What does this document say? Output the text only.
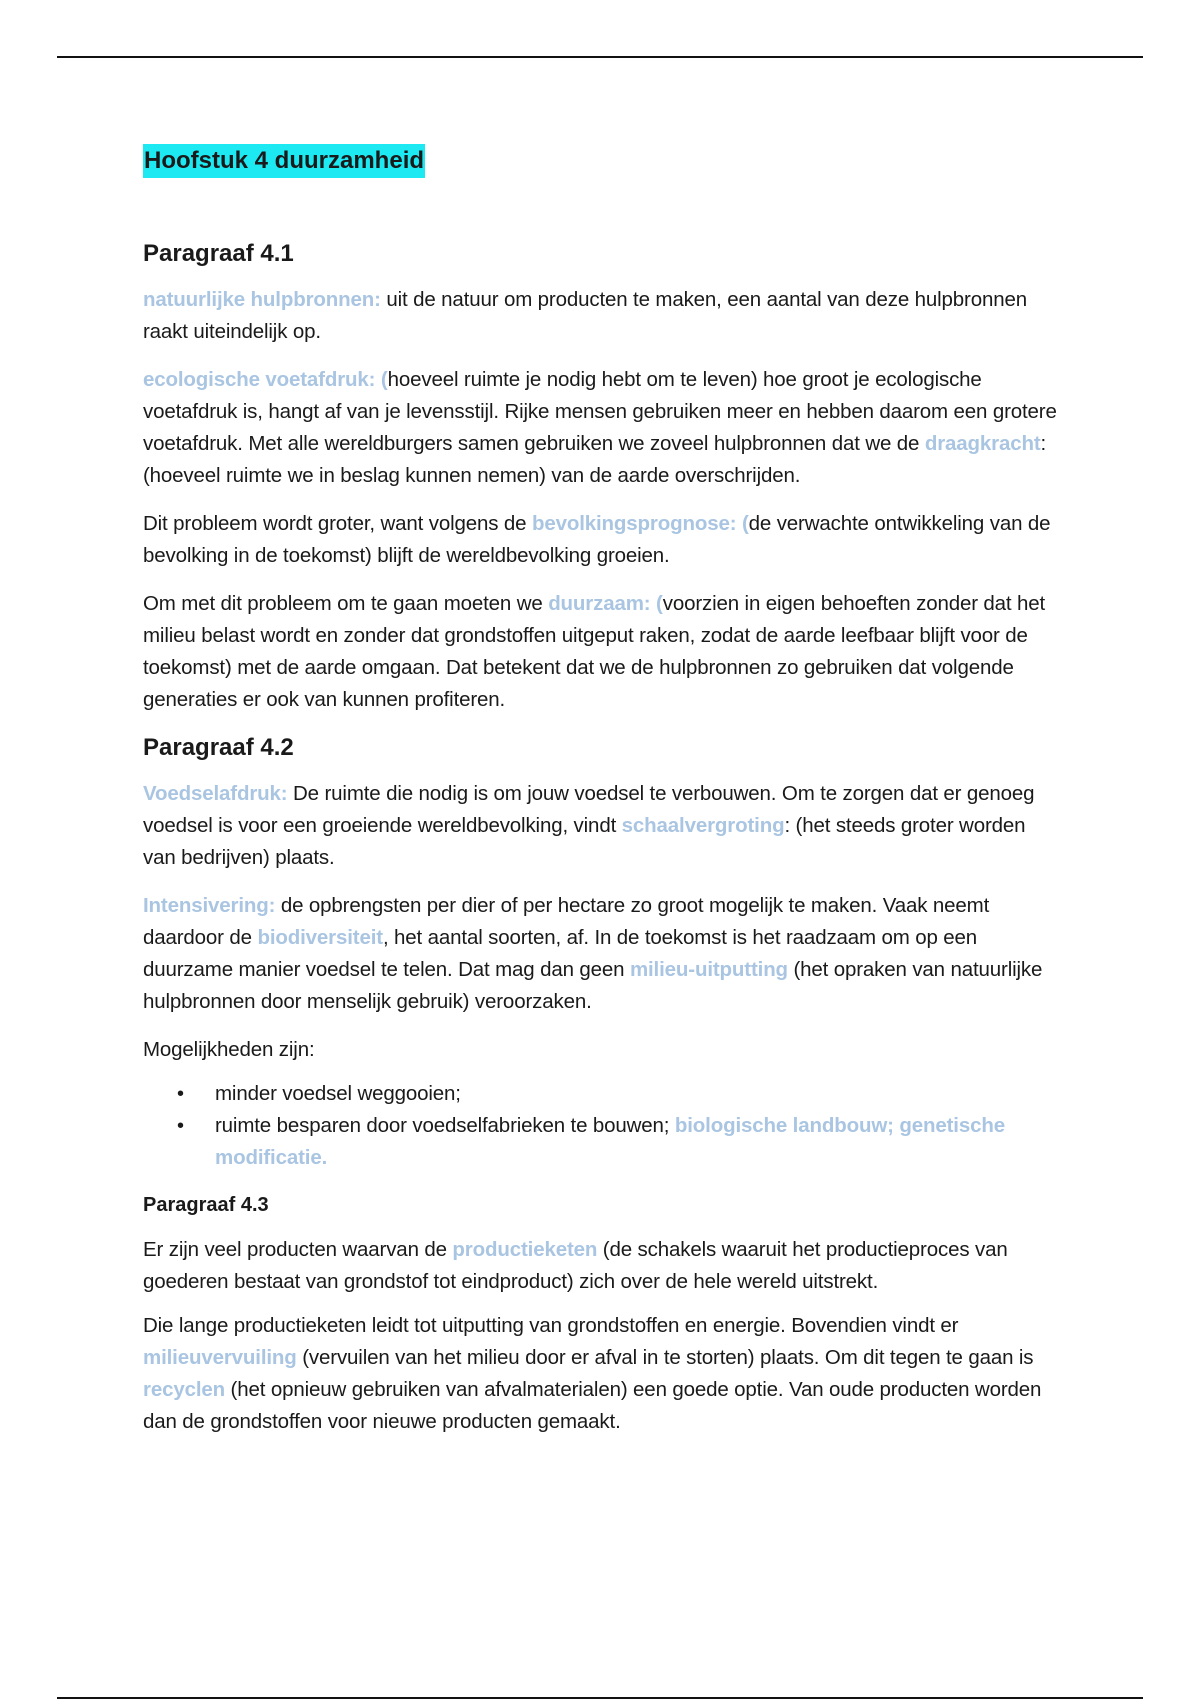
Hoofstuk 4 duurzamheid
Paragraaf 4.1

natuurlijke hulpbronnen: uit de natuur om producten te maken, een aantal van deze hulpbronnen raakt uiteindelijk op.

ecologische voetafdruk: (hoeveel ruimte je nodig hebt om te leven) hoe groot je ecologische voetafdruk is, hangt af van je levensstijl. Rijke mensen gebruiken meer en hebben daarom een grotere voetafdruk. Met alle wereldburgers samen gebruiken we zoveel hulpbronnen dat we de draagkracht: (hoeveel ruimte we in beslag kunnen nemen) van de aarde overschrijden.

Dit probleem wordt groter, want volgens de bevolkingsprognose: (de verwachte ontwikkeling van de bevolking in de toekomst) blijft de wereldbevolking groeien.

Om met dit probleem om te gaan moeten we duurzaam: (voorzien in eigen behoeften zonder dat het milieu belast wordt en zonder dat grondstoffen uitgeput raken, zodat de aarde leefbaar blijft voor de toekomst) met de aarde omgaan. Dat betekent dat we de hulpbronnen zo gebruiken dat volgende generaties er ook van kunnen profiteren.

Paragraaf 4.2

Voedselafdruk: De ruimte die nodig is om jouw voedsel te verbouwen. Om te zorgen dat er genoeg voedsel is voor een groeiende wereldbevolking, vindt schaalvergroting: (het steeds groter worden van bedrijven) plaats.

Intensivering: de opbrengsten per dier of per hectare zo groot mogelijk te maken. Vaak neemt daardoor de biodiversiteit, het aantal soorten, af. In de toekomst is het raadzaam om op een duurzame manier voedsel te telen. Dat mag dan geen milieu-uitputting (het opraken van natuurlijke hulpbronnen door menselijk gebruik) veroorzaken.

Mogelijkheden zijn:

• minder voedsel weggooien;
• ruimte besparen door voedselfabrieken te bouwen; biologische landbouw; genetische modificatie.
Paragraaf 4.3

Er zijn veel producten waarvan de productieketen (de schakels waaruit het productieproces van goederen bestaat van grondstof tot eindproduct) zich over de hele wereld uitstrekt.

Die lange productieketen leidt tot uitputting van grondstoffen en energie. Bovendien vindt er milieuvervuiling (vervuilen van het milieu door er afval in te storten) plaats. Om dit tegen te gaan is recyclen (het opnieuw gebruiken van afvalmaterialen) een goede optie. Van oude producten worden dan de grondstoffen voor nieuwe producten gemaakt.
